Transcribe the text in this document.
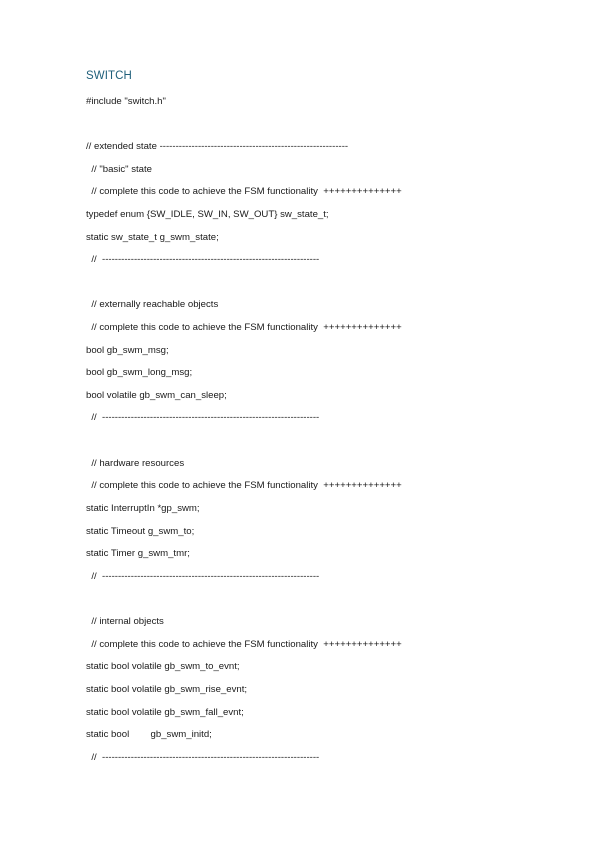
SWITCH
#include "switch.h"
// extended state -----------------------------------------------------------
// "basic" state
// complete this code to achieve the FSM functionality  ++++++++++++++
typedef enum {SW_IDLE, SW_IN, SW_OUT} sw_state_t;
static sw_state_t g_swm_state;
//  --------------------------------------------------------------------
// externally reachable objects
// complete this code to achieve the FSM functionality  ++++++++++++++
bool gb_swm_msg;
bool gb_swm_long_msg;
bool volatile gb_swm_can_sleep;
//  --------------------------------------------------------------------
// hardware resources
// complete this code to achieve the FSM functionality  ++++++++++++++
static InterruptIn *gp_swm;
static Timeout g_swm_to;
static Timer g_swm_tmr;
//  --------------------------------------------------------------------
// internal objects
// complete this code to achieve the FSM functionality  ++++++++++++++
static bool volatile gb_swm_to_evnt;
static bool volatile gb_swm_rise_evnt;
static bool volatile gb_swm_fall_evnt;
static bool        gb_swm_initd;
//  --------------------------------------------------------------------
